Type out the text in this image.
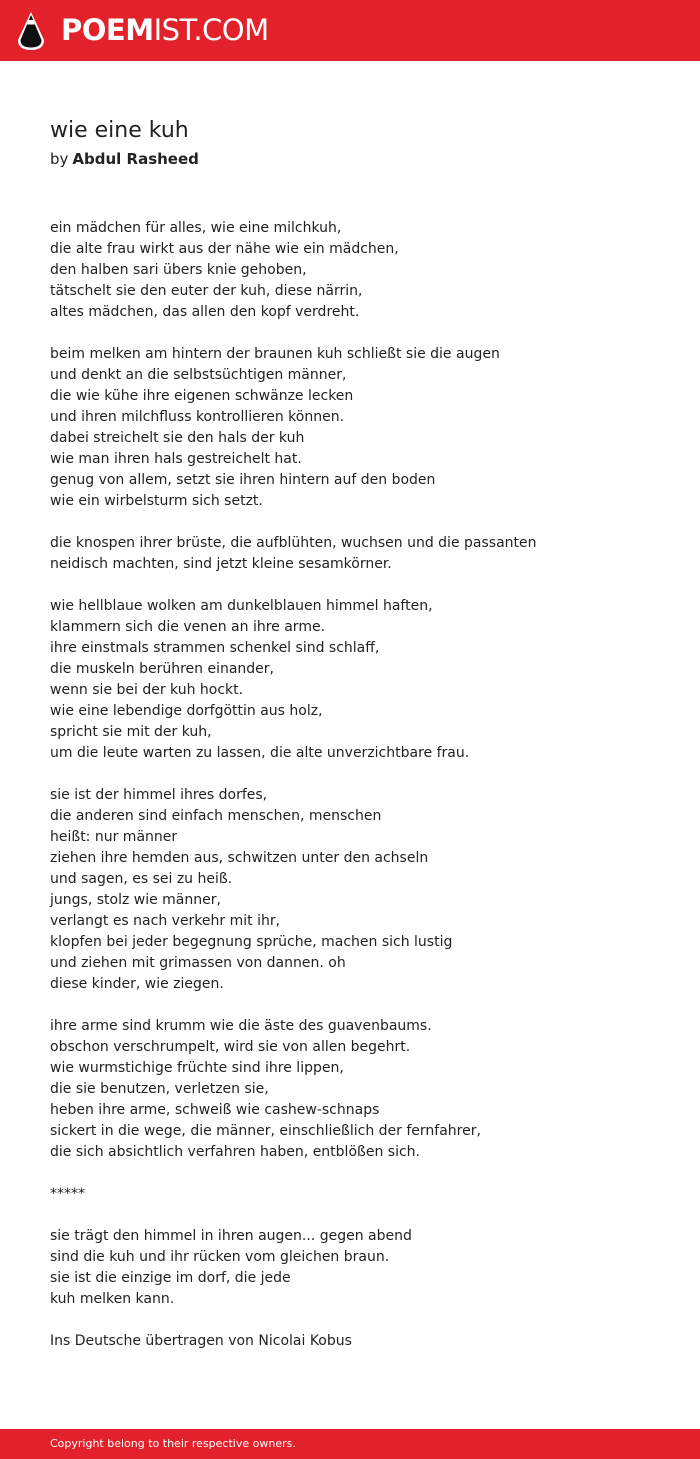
POEMIST.COM
wie eine kuh
by Abdul Rasheed

ein mädchen für alles, wie eine milchkuh,
die alte frau wirkt aus der nähe wie ein mädchen,
den halben sari übers knie gehoben,
tätschelt sie den euter der kuh, diese närrin,
altes mädchen, das allen den kopf verdreht.

beim melken am hintern der braunen kuh schließt sie die augen
und denkt an die selbstsüchtigen männer,
die wie kühe ihre eigenen schwänze lecken
und ihren milchfluss kontrollieren können.
dabei streichelt sie den hals der kuh
wie man ihren hals gestreichelt hat.
genug von allem, setzt sie ihren hintern auf den boden
wie ein wirbelsturm sich setzt.

die knospen ihrer brüste, die aufblühten, wuchsen und die passanten
neidisch machten, sind jetzt kleine sesamkörner.

wie hellblaue wolken am dunkelblauen himmel haften,
klammern sich die venen an ihre arme.
ihre einstmals strammen schenkel sind schlaff,
die muskeln berühren einander,
wenn sie bei der kuh hockt.
wie eine lebendige dorfgöttin aus holz,
spricht sie mit der kuh,
um die leute warten zu lassen, die alte unverzichtbare frau.

sie ist der himmel ihres dorfes,
die anderen sind einfach menschen, menschen
heißt: nur männer
ziehen ihre hemden aus, schwitzen unter den achseln
und sagen, es sei zu heiß.
jungs, stolz wie männer,
verlangt es nach verkehr mit ihr,
klopfen bei jeder begegnung sprüche, machen sich lustig
und ziehen mit grimassen von dannen. oh
diese kinder, wie ziegen.

ihre arme sind krumm wie die äste des guavenbaums.
obschon verschrumpelt, wird sie von allen begehrt.
wie wurmstichige früchte sind ihre lippen,
die sie benutzen, verletzen sie,
heben ihre arme, schweiß wie cashew-schnaps
sickert in die wege, die männer, einschließlich der fernfahrer,
die sich absichtlich verfahren haben, entblößen sich.

*****

sie trägt den himmel in ihren augen... gegen abend
sind die kuh und ihr rücken vom gleichen braun.
sie ist die einzige im dorf, die jede
kuh melken kann.

Ins Deutsche übertragen von Nicolai Kobus

Copyright belong to their respective owners.
